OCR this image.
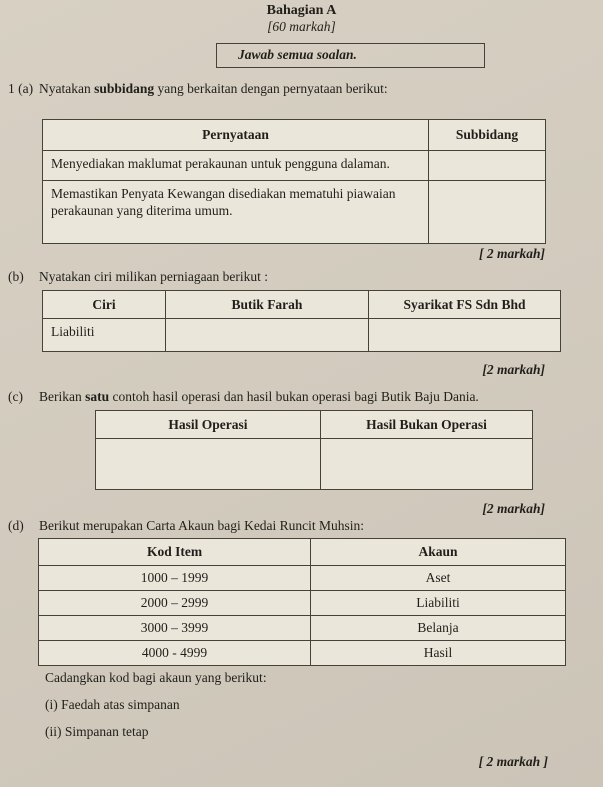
Bahagian A
[60 markah]
Jawab semua soalan.
1 (a) Nyatakan subbidang yang berkaitan dengan pernyataan berikut:
Pernyataan	Subbidang
Menyediakan maklumat perakaunan untuk pengguna dalaman.	
Memastikan Penyata Kewangan disediakan mematuhi piawaian perakaunan yang diterima umum.	
[ 2 markah]
(b) Nyatakan ciri milikan perniagaan berikut :
Ciri	Butik Farah	Syarikat FS Sdn Bhd
Liabiliti		
[2 markah]
(c) Berikan satu contoh hasil operasi dan hasil bukan operasi bagi Butik Baju Dania.
Hasil Operasi	Hasil Bukan Operasi

[2 markah]
(d) Berikut merupakan Carta Akaun bagi Kedai Runcit Muhsin:
Kod Item	Akaun
1000 – 1999	Aset
2000 – 2999	Liabiliti
3000 – 3999	Belanja
4000 - 4999	Hasil
Cadangkan kod bagi akaun yang berikut:
(i) Faedah atas simpanan
(ii) Simpanan tetap
[ 2 markah ]
